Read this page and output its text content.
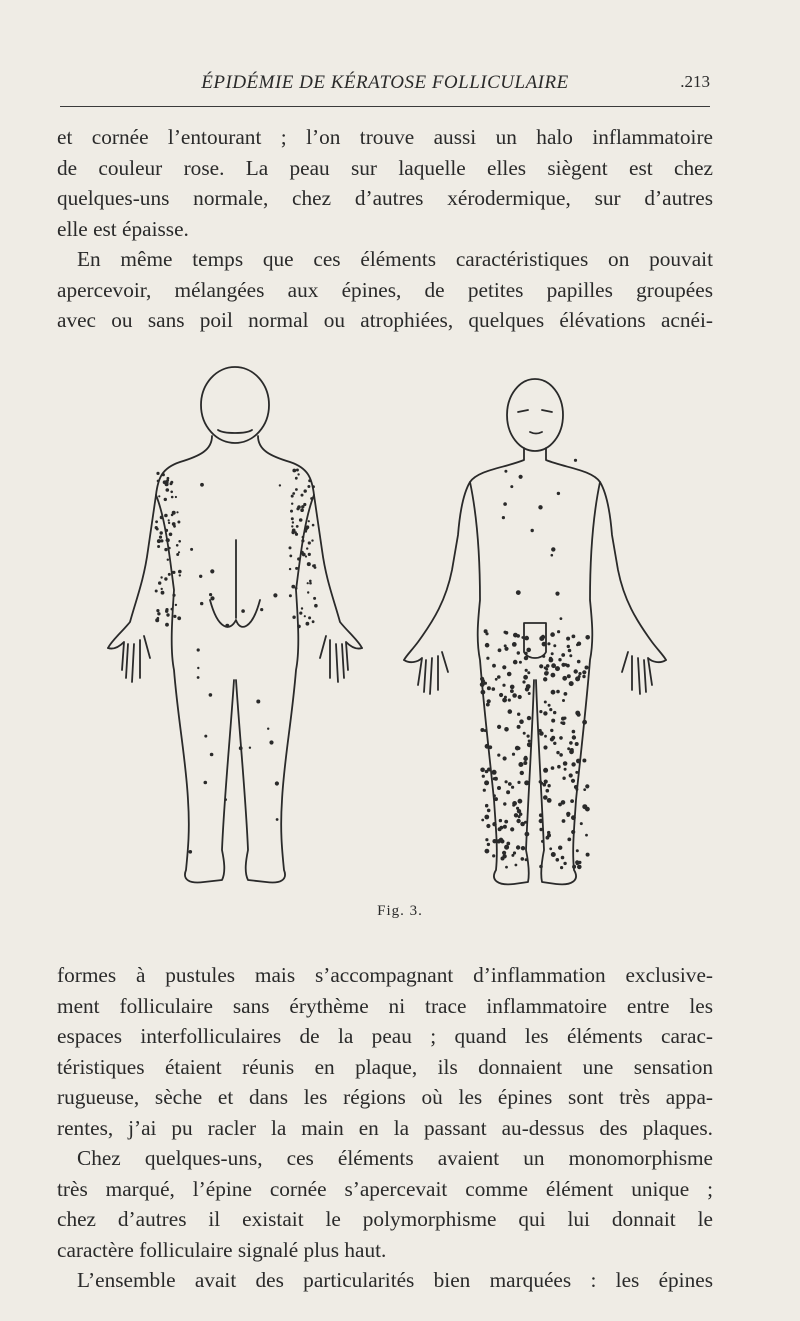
ÉPIDÉMIE DE KÉRATOSE FOLLICULAIRE	.213

et cornée l’entourant ; l’on trouve aussi un halo inflammatoire
de couleur rose. La peau sur laquelle elles siègent est chez
quelques-uns normale, chez d’autres xérodermique, sur d’autres
elle est épaisse.

En même temps que ces éléments caractéristiques on pouvait
apercevoir, mélangées aux épines, de petites papilles groupées
avec ou sans poil normal ou atrophiées, quelques élévations acnéi-

Fig. 3.

formes à pustules mais s’accompagnant d’inflammation exclusive-
ment folliculaire sans érythème ni trace inflammatoire entre les
espaces interfolliculaires de la peau ; quand les éléments carac-
téristiques étaient réunis en plaque, ils donnaient une sensation
rugueuse, sèche et dans les régions où les épines sont très appa-
rentes, j’ai pu racler la main en la passant au-dessus des plaques.

Chez quelques-uns, ces éléments avaient un monomorphisme
très marqué, l’épine cornée s’apercevait comme élément unique ;
chez d’autres il existait le polymorphisme qui lui donnait le
caractère folliculaire signalé plus haut.

L’ensemble avait des particularités bien marquées : les épines
